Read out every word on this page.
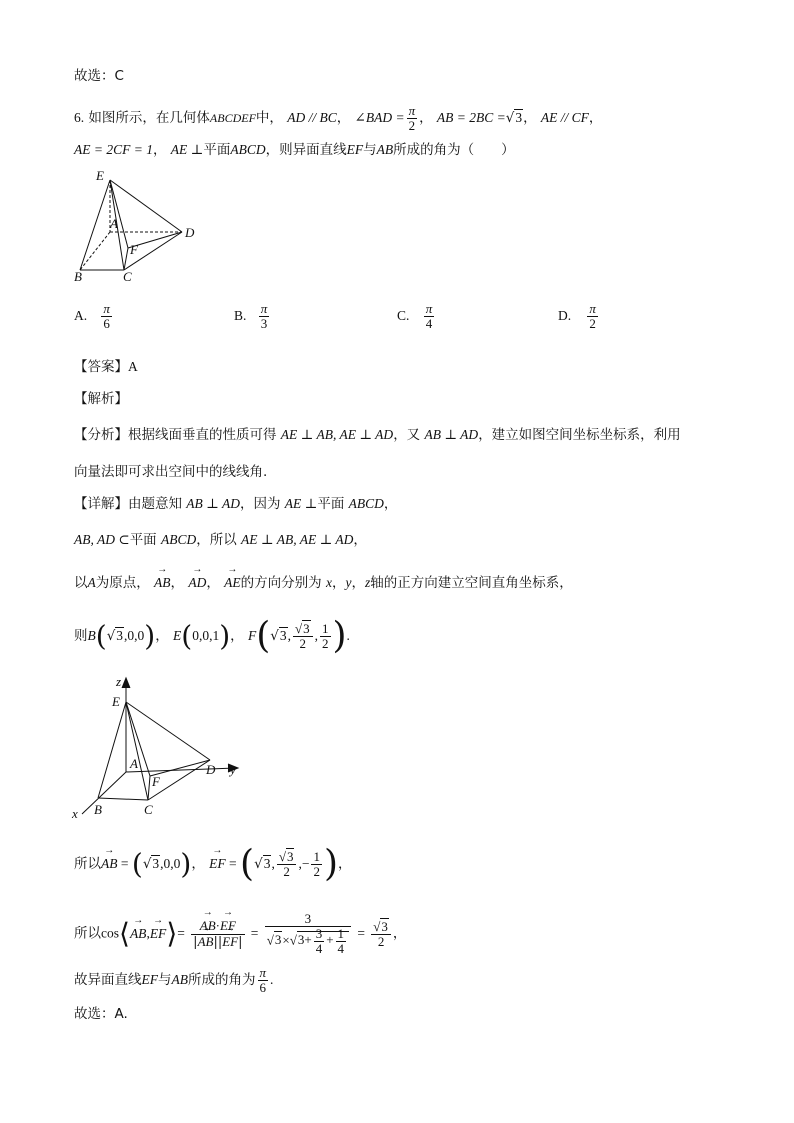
故选：C
6. 如图所示，在几何体ABCDEF中， AD // BC， ∠BAD = $\frac{\pi}{2}$ ， AB = 2BC =√3， AE // CF，
AE = 2CF = 1， AE ⊥平面ABCD，则异面直线EF与AB所成的角为（　　）
E
A
D
F
B	C
A. $\frac{\pi}{6}$	B. $\frac{\pi}{3}$	C. $\frac{\pi}{4}$	D. $\frac{\pi}{2}$
【答案】A
【解析】
【分析】根据线面垂直的性质可得 AE ⊥ AB, AE ⊥ AD，又 AB ⊥ AD，建立如图空间坐标坐标系，利用
向量法即可求出空间中的线线角.
【详解】由题意知 AB ⊥ AD，因为 AE ⊥平面 ABCD，
AB, AD ⊂平面 ABCD，所以 AE ⊥ AB, AE ⊥ AD，
以A为原点， → AB， → AD， → AE的方向分别为 x，y，z轴的正方向建立空间直角坐标系，
则B(√3,0,0)， E(0,0,1)， F(√3, $\frac{√3}{2}$ , $\frac{1}{2}$ ).
z
E
A
F
D y
x B	C
所以→ AB = (√3,0,0)， → EF = (√3, $\frac{√3}{2}$ ,− $\frac{1}{2}$ )，
所以cos⟨→ AB,→ EF⟩= → $\frac{AB\cdot\to EF}{|\to AB||\to EF|} = \frac{3}{√3\times√3+ \frac{3}{4} + \frac{1}{4}} = \frac{√3}{2}$ ，
故异面直线EF与AB所成的角为 $\frac{\pi}{6}$ .
故选：A.
